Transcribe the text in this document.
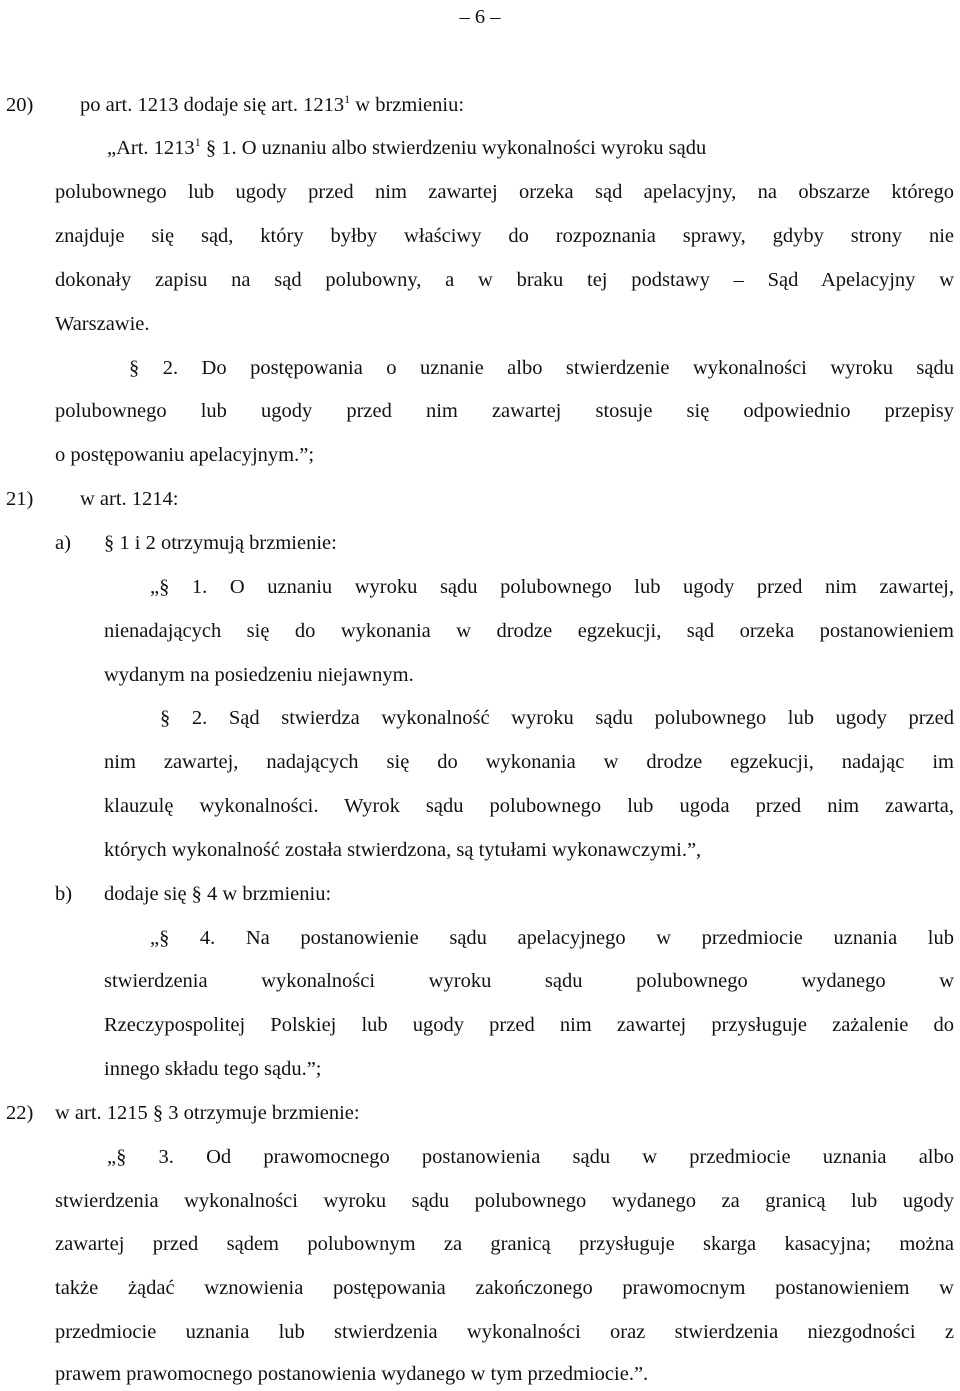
– 6 –
20) po art. 1213 dodaje się art. 1213$^1$ w brzmieniu:
„Art. 1213$^1$ § 1. O uznaniu albo stwierdzeniu wykonalności wyroku sądu
polubownego lub ugody przed nim zawartej orzeka sąd apelacyjny, na obszarze którego
znajduje się sąd, który byłby właściwy do rozpoznania sprawy, gdyby strony nie
dokonały zapisu na sąd polubowny, a w braku tej podstawy – Sąd Apelacyjny w
Warszawie.
§ 2. Do postępowania o uznanie albo stwierdzenie wykonalności wyroku sądu
polubownego lub ugody przed nim zawartej stosuje się odpowiednio przepisy
o postępowaniu apelacyjnym.”;
21) w art. 1214:
a) § 1 i 2 otrzymują brzmienie:
„§ 1. O uznaniu wyroku sądu polubownego lub ugody przed nim zawartej,
nienadających się do wykonania w drodze egzekucji, sąd orzeka postanowieniem
wydanym na posiedzeniu niejawnym.
§ 2. Sąd stwierdza wykonalność wyroku sądu polubownego lub ugody przed
nim zawartej, nadających się do wykonania w drodze egzekucji, nadając im
klauzulę wykonalności. Wyrok sądu polubownego lub ugoda przed nim zawarta,
których wykonalność została stwierdzona, są tytułami wykonawczymi.”,
b) dodaje się § 4 w brzmieniu:
„§ 4. Na postanowienie sądu apelacyjnego w przedmiocie uznania lub
stwierdzenia wykonalności wyroku sądu polubownego wydanego w
Rzeczypospolitej Polskiej lub ugody przed nim zawartej przysługuje zażalenie do
innego składu tego sądu.”;
22) w art. 1215 § 3 otrzymuje brzmienie:
„§ 3. Od prawomocnego postanowienia sądu w przedmiocie uznania albo
stwierdzenia wykonalności wyroku sądu polubownego wydanego za granicą lub ugody
zawartej przed sądem polubownym za granicą przysługuje skarga kasacyjna; można
także żądać wznowienia postępowania zakończonego prawomocnym postanowieniem w
przedmiocie uznania lub stwierdzenia wykonalności oraz stwierdzenia niezgodności z
prawem prawomocnego postanowienia wydanego w tym przedmiocie.”.
